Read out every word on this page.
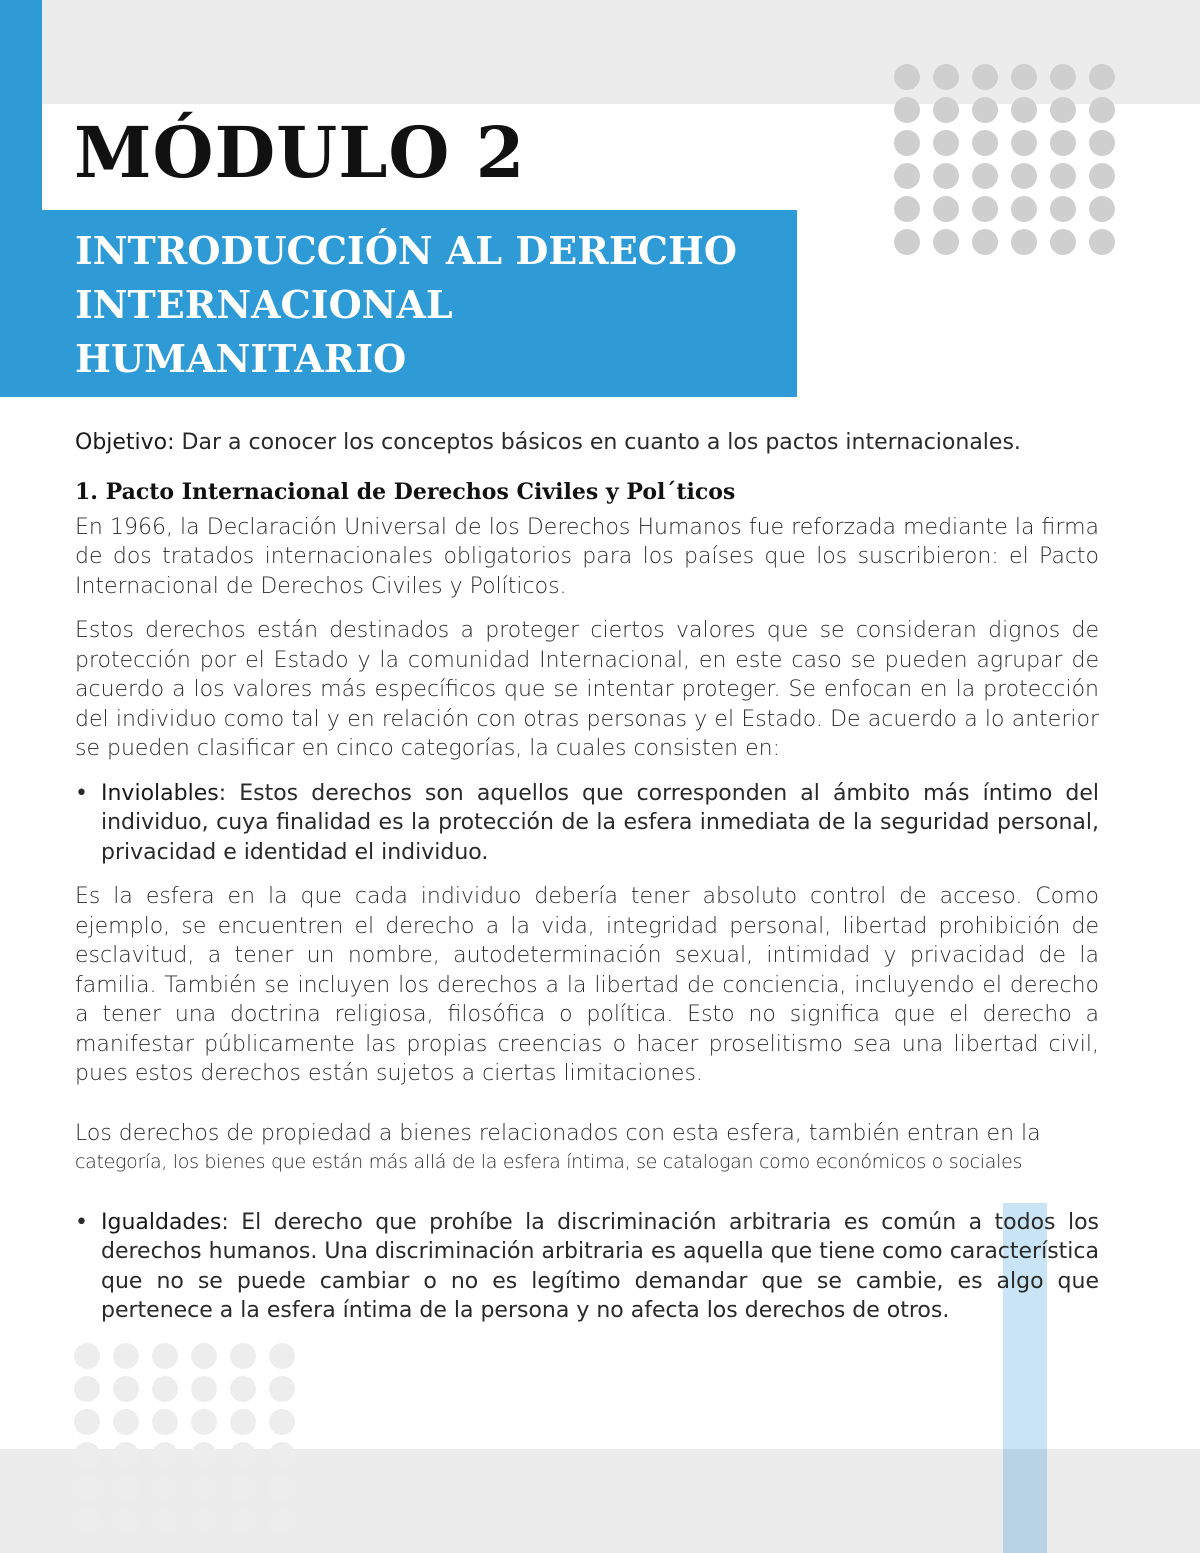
MÓDULO 2
INTRODUCCIÓN AL DERECHO
INTERNACIONAL
HUMANITARIO

Objetivo: Dar a conocer los conceptos básicos en cuanto a los pactos internacionales.

1. Pacto Internacional de Derechos Civiles y Pol´ticos

En 1966, la Declaración Universal de los Derechos Humanos fue reforzada mediante la firma de dos tratados internacionales obligatorios para los países que los suscribieron: el Pacto Internacional de Derechos Civiles y Políticos.

Estos derechos están destinados a proteger ciertos valores que se consideran dignos de protección por el Estado y la comunidad Internacional, en este caso se pueden agrupar de acuerdo a los valores más específicos que se intentar proteger. Se enfocan en la protección del individuo como tal y en relación con otras personas y el Estado. De acuerdo a lo anterior se pueden clasificar en cinco categorías, la cuales consisten en:

• Inviolables: Estos derechos son aquellos que corresponden al ámbito más íntimo del individuo, cuya finalidad es la protección de la esfera inmediata de la seguridad personal, privacidad e identidad el individuo.

Es la esfera en la que cada individuo debería tener absoluto control de acceso. Como ejemplo, se encuentren el derecho a la vida, integridad personal, libertad prohibición de esclavitud, a tener un nombre, autodeterminación sexual, intimidad y privacidad de la familia. También se incluyen los derechos a la libertad de conciencia, incluyendo el derecho a tener una doctrina religiosa, filosófica o política. Esto no significa que el derecho a manifestar públicamente las propias creencias o hacer proselitismo sea una libertad civil, pues estos derechos están sujetos a ciertas limitaciones.

Los derechos de propiedad a bienes relacionados con esta esfera, también entran en la

categoría, los bienes que están más allá de la esfera íntima, se catalogan como económicos o sociales

• Igualdades: El derecho que prohíbe la discriminación arbitraria es común a todos los derechos humanos. Una discriminación arbitraria es aquella que tiene como característica que no se puede cambiar o no es legítimo demandar que se cambie, es algo que pertenece a la esfera íntima de la persona y no afecta los derechos de otros.
